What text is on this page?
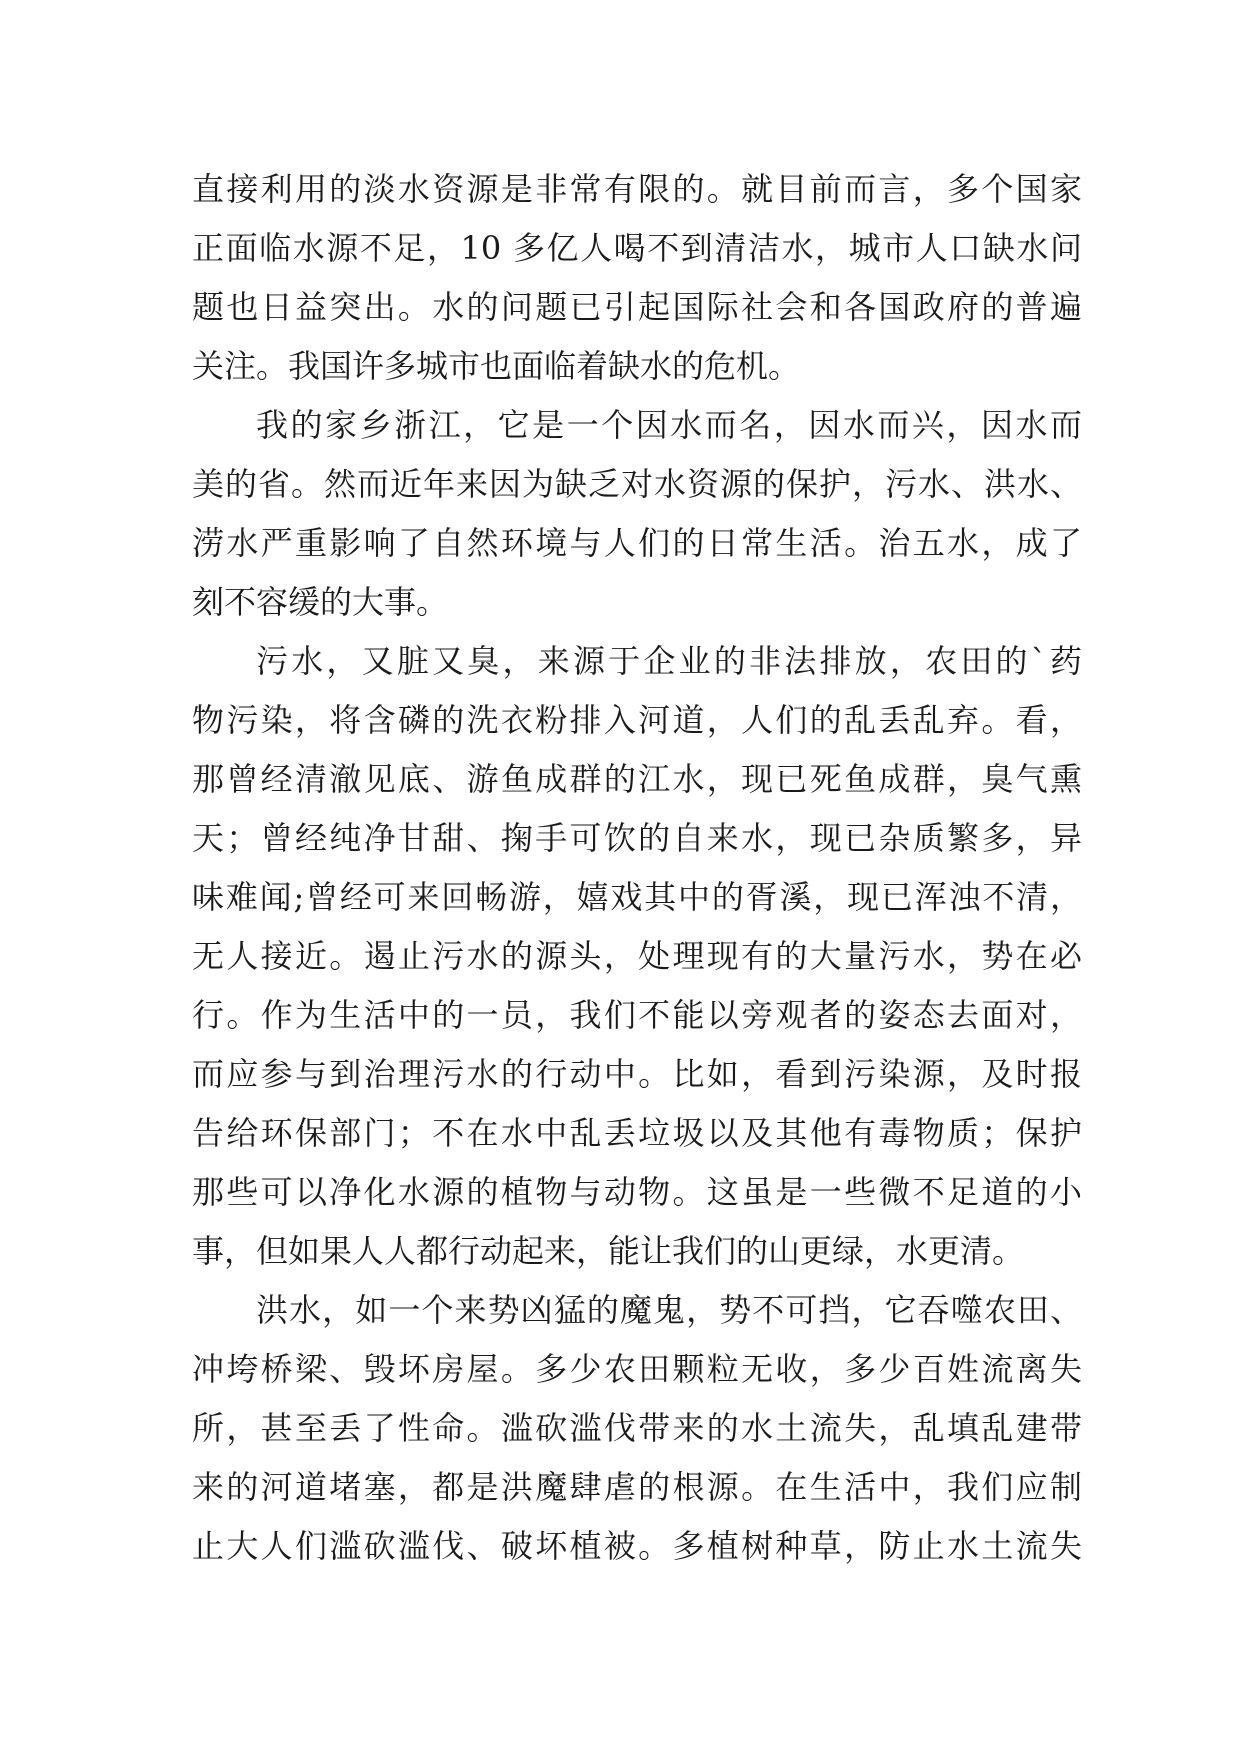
直接利用的淡水资源是非常有限的。就目前而言，多个国家
正面临水源不足，10 多亿人喝不到清洁水，城市人口缺水问
题也日益突出。水的问题已引起国际社会和各国政府的普遍
关注。我国许多城市也面临着缺水的危机。
我的家乡浙江，它是一个因水而名，因水而兴，因水而
美的省。然而近年来因为缺乏对水资源的保护，污水、洪水、
涝水严重影响了自然环境与人们的日常生活。治五水，成了
刻不容缓的大事。
污水，又脏又臭，来源于企业的非法排放，农田的`药
物污染，将含磷的洗衣粉排入河道，人们的乱丢乱弃。看，
那曾经清澈见底、游鱼成群的江水，现已死鱼成群，臭气熏
天；曾经纯净甘甜、掬手可饮的自来水，现已杂质繁多，异
味难闻;曾经可来回畅游，嬉戏其中的胥溪，现已浑浊不清，
无人接近。遏止污水的源头，处理现有的大量污水，势在必
行。作为生活中的一员，我们不能以旁观者的姿态去面对，
而应参与到治理污水的行动中。比如，看到污染源，及时报
告给环保部门；不在水中乱丢垃圾以及其他有毒物质；保护
那些可以净化水源的植物与动物。这虽是一些微不足道的小
事，但如果人人都行动起来，能让我们的山更绿，水更清。
洪水，如一个来势凶猛的魔鬼，势不可挡，它吞噬农田、
冲垮桥梁、毁坏房屋。多少农田颗粒无收，多少百姓流离失
所，甚至丢了性命。滥砍滥伐带来的水土流失，乱填乱建带
来的河道堵塞，都是洪魔肆虐的根源。在生活中，我们应制
止大人们滥砍滥伐、破坏植被。多植树种草，防止水土流失
